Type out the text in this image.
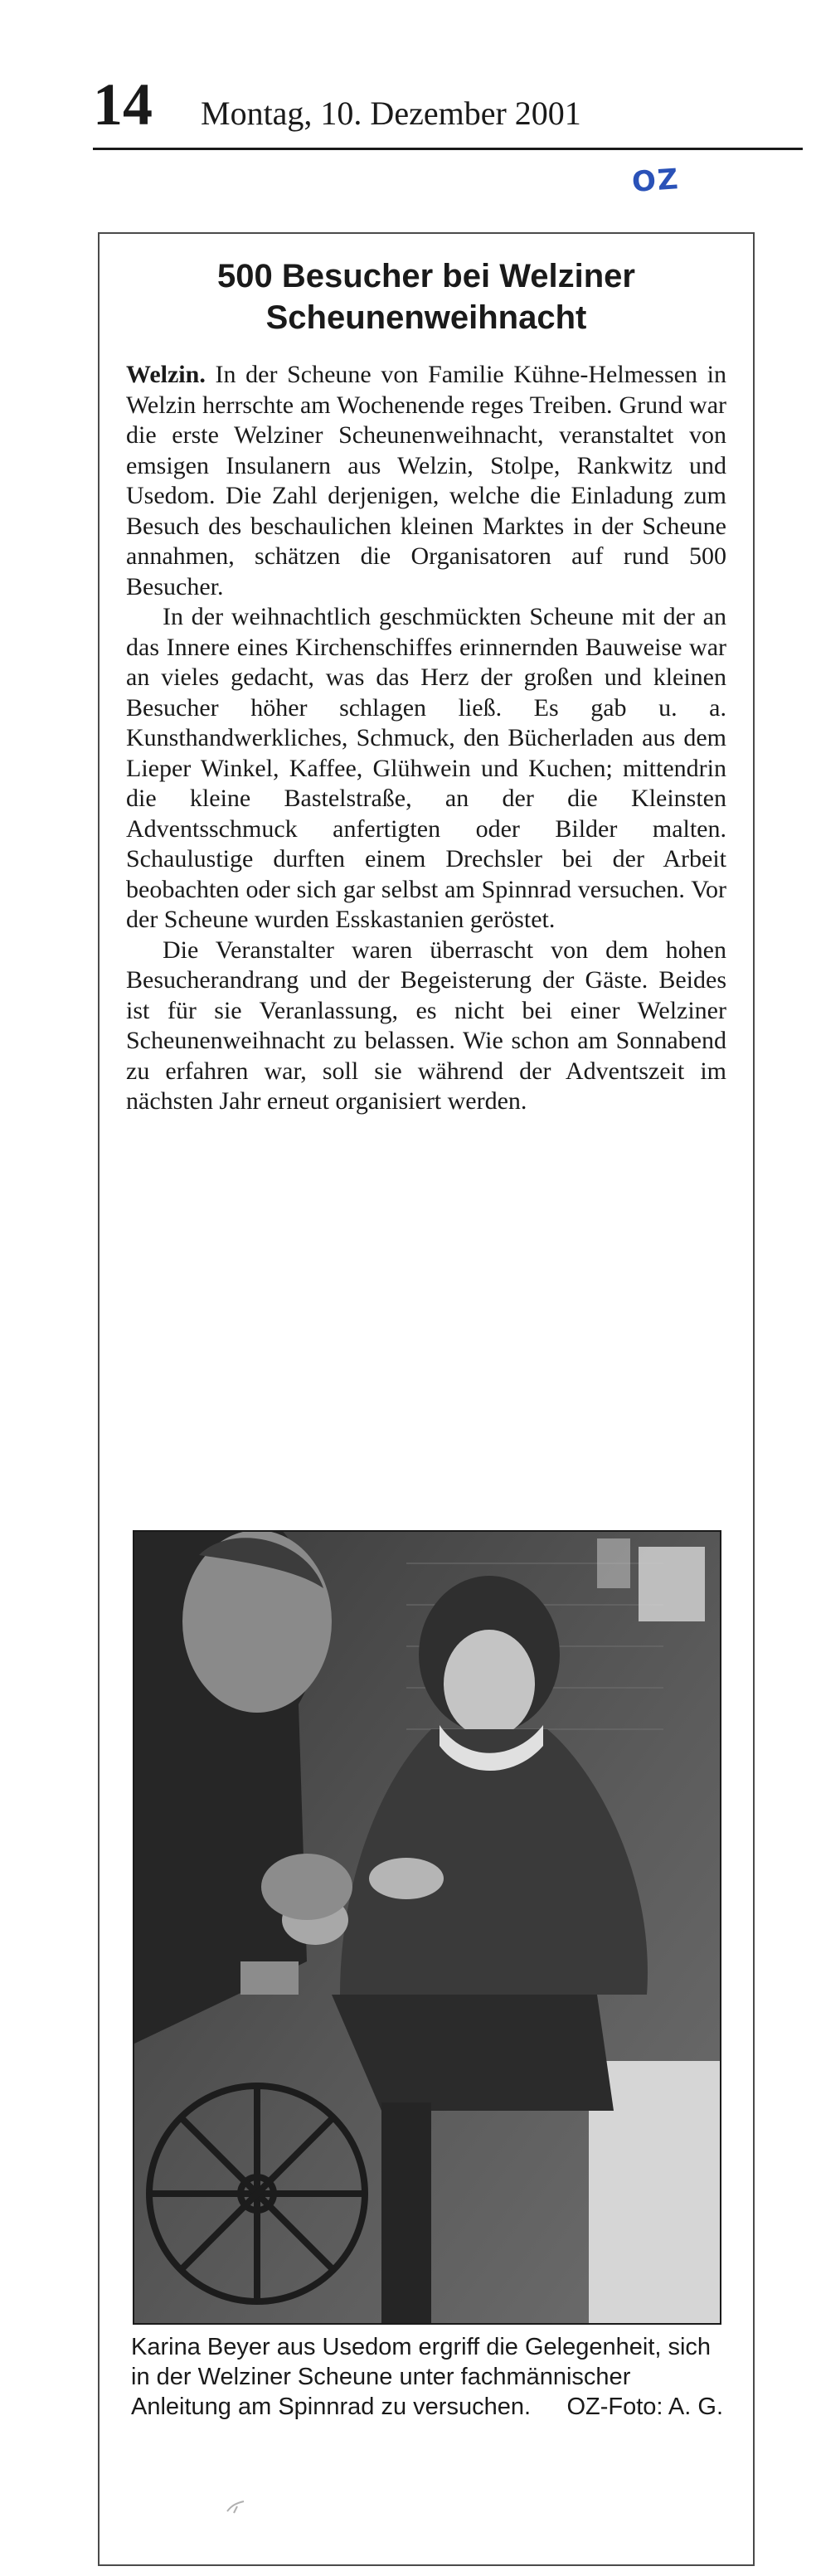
14 Montag, 10. Dezember 2001
OZ
500 Besucher bei Welziner
Scheunenweihnacht

Welzin. In der Scheune von Familie Kühne-Helmessen in Welzin herrschte am Wochenende reges Treiben. Grund war die erste Welziner Scheunenweihnacht, veranstaltet von emsigen Insulanern aus Welzin, Stolpe, Rankwitz und Usedom. Die Zahl derjenigen, welche die Einladung zum Besuch des beschaulichen kleinen Marktes in der Scheune annahmen, schätzen die Organisatoren auf rund 500 Besucher.

In der weihnachtlich geschmückten Scheune mit der an das Innere eines Kirchenschiffes erinnernden Bauweise war an vieles gedacht, was das Herz der großen und kleinen Besucher höher schlagen ließ. Es gab u. a. Kunsthandwerkliches, Schmuck, den Bücherladen aus dem Lieper Winkel, Kaffee, Glühwein und Kuchen; mittendrin die kleine Bastelstraße, an der die Kleinsten Adventsschmuck anfertigten oder Bilder malten. Schaulustige durften einem Drechsler bei der Arbeit beobachten oder sich gar selbst am Spinnrad versuchen. Vor der Scheune wurden Esskastanien geröstet.

Die Veranstalter waren überrascht von dem hohen Besucherandrang und der Begeisterung der Gäste. Beides ist für sie Veranlassung, es nicht bei einer Welziner Scheunenweihnacht zu belassen. Wie schon am Sonnabend zu erfahren war, soll sie während der Adventszeit im nächsten Jahr erneut organisiert werden.

Karina Beyer aus Usedom ergriff die Gelegenheit, sich in der Welziner Scheune unter fachmännischer Anleitung am Spinnrad zu versuchen. OZ-Foto: A. G.
